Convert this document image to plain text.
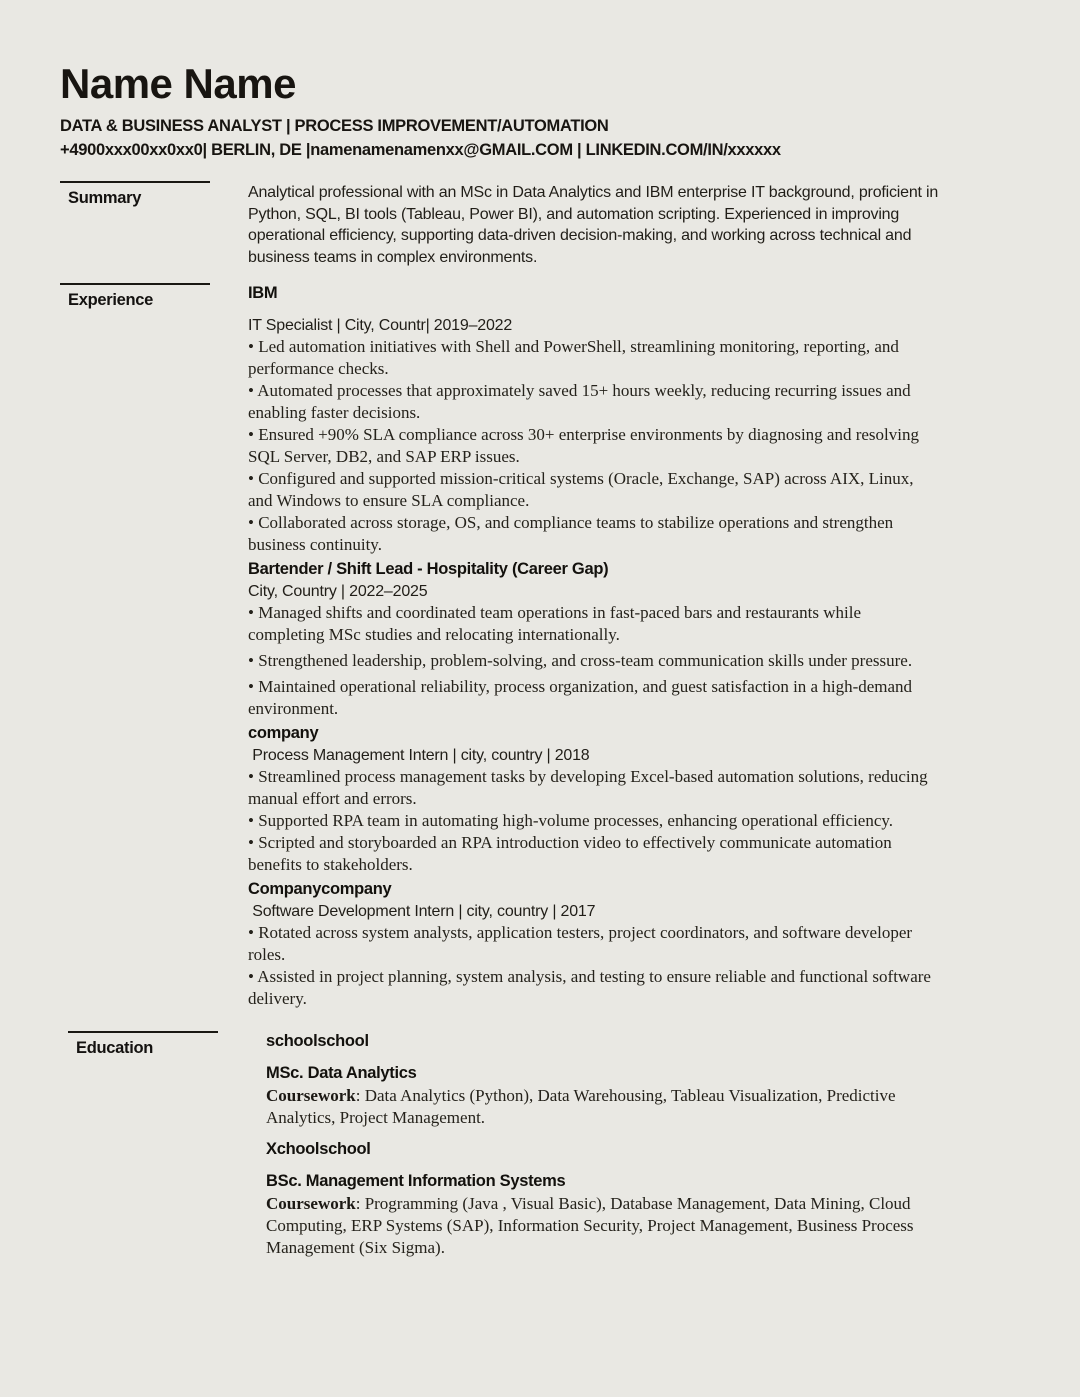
Name Name
DATA & BUSINESS ANALYST | PROCESS IMPROVEMENT/AUTOMATION
+4900xxx00xx0xx0| BERLIN, DE |namenamenamenxx@GMAIL.COM | LINKEDIN.COM/IN/xxxxxx
Summary	Analytical professional with an MSc in Data Analytics and IBM enterprise IT background, proficient in Python, SQL, BI tools (Tableau, Power BI), and automation scripting. Experienced in improving operational efficiency, supporting data-driven decision-making, and working across technical and business teams in complex environments.

Experience	IBM

IT Specialist | City, Countr| 2019–2022

• Led automation initiatives with Shell and PowerShell, streamlining monitoring, reporting, and performance checks.

• Automated processes that approximately saved 15+ hours weekly, reducing recurring issues and enabling faster decisions.

• Ensured +90% SLA compliance across 30+ enterprise environments by diagnosing and resolving SQL Server, DB2, and SAP ERP issues.

• Configured and supported mission-critical systems (Oracle, Exchange, SAP) across AIX, Linux, and Windows to ensure SLA compliance.

• Collaborated across storage, OS, and compliance teams to stabilize operations and strengthen business continuity.

Bartender / Shift Lead - Hospitality (Career Gap)

City, Country | 2022–2025

• Managed shifts and coordinated team operations in fast-paced bars and restaurants while completing MSc studies and relocating internationally.

• Strengthened leadership, problem-solving, and cross-team communication skills under pressure.

• Maintained operational reliability, process organization, and guest satisfaction in a high-demand environment.

company

Process Management Intern | city, country | 2018

• Streamlined process management tasks by developing Excel-based automation solutions, reducing manual effort and errors.

• Supported RPA team in automating high-volume processes, enhancing operational efficiency.

• Scripted and storyboarded an RPA introduction video to effectively communicate automation benefits to stakeholders.

Companycompany

Software Development Intern | city, country | 2017

• Rotated across system analysts, application testers, project coordinators, and software developer roles.

• Assisted in project planning, system analysis, and testing to ensure reliable and functional software delivery.

Education	schoolschool

MSc. Data Analytics

Coursework: Data Analytics (Python), Data Warehousing, Tableau Visualization, Predictive Analytics, Project Management.

Xchoolschool

BSc. Management Information Systems

Coursework: Programming (Java , Visual Basic), Database Management, Data Mining, Cloud Computing, ERP Systems (SAP), Information Security, Project Management, Business Process Management (Six Sigma).
